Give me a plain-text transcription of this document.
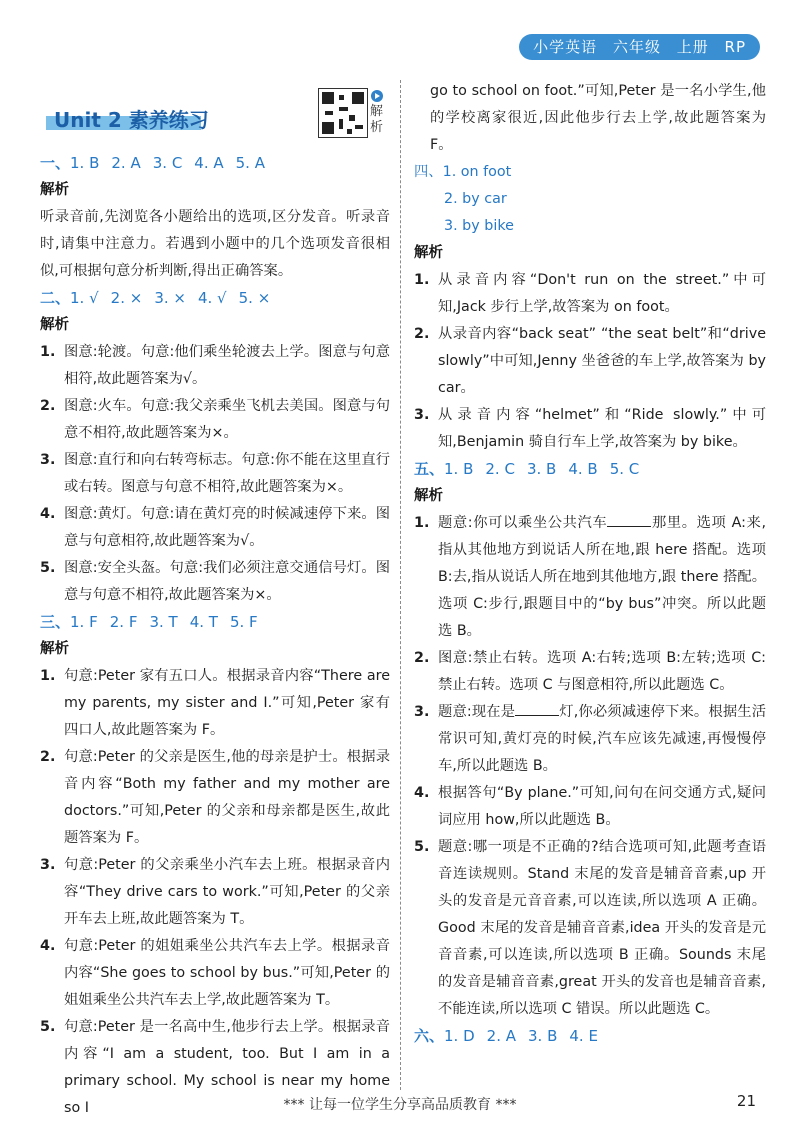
小学英语 六年级 上册 RP
Unit 2 素养练习	解析
一、1. B 2. A 3. C 4. A 5. A
解析
听录音前,先浏览各小题给出的选项,区分发音。听录音时,请集中注意力。若遇到小题中的几个选项发音很相似,可根据句意分析判断,得出正确答案。
二、1. √ 2. × 3. × 4. √ 5. ×
解析
1. 图意:轮渡。句意:他们乘坐轮渡去上学。图意与句意相符,故此题答案为√。
2. 图意:火车。句意:我父亲乘坐飞机去美国。图意与句意不相符,故此题答案为×。
3. 图意:直行和向右转弯标志。句意:你不能在这里直行或右转。图意与句意不相符,故此题答案为×。
4. 图意:黄灯。句意:请在黄灯亮的时候减速停下来。图意与句意相符,故此题答案为√。
5. 图意:安全头盔。句意:我们必须注意交通信号灯。图意与句意不相符,故此题答案为×。
三、1. F 2. F 3. T 4. T 5. F
解析
1. 句意:Peter 家有五口人。根据录音内容“There are my parents, my sister and I.”可知,Peter 家有四口人,故此题答案为 F。
2. 句意:Peter 的父亲是医生,他的母亲是护士。根据录音内容“Both my father and my mother are doctors.”可知,Peter 的父亲和母亲都是医生,故此题答案为 F。
3. 句意:Peter 的父亲乘坐小汽车去上班。根据录音内容“They drive cars to work.”可知,Peter 的父亲开车去上班,故此题答案为 T。
4. 句意:Peter 的姐姐乘坐公共汽车去上学。根据录音内容“She goes to school by bus.”可知,Peter 的姐姐乘坐公共汽车去上学,故此题答案为 T。
5. 句意:Peter 是一名高中生,他步行去上学。根据录音内容“I am a student, too. But I am in a primary school. My school is near my home so I
go to school on foot.”可知,Peter 是一名小学生,他的学校离家很近,因此他步行去上学,故此题答案为 F。
四、1. on foot
2. by car
3. by bike
解析
1. 从录音内容“Don't run on the street.”中可知,Jack 步行上学,故答案为 on foot。
2. 从录音内容“back seat” “the seat belt”和“drive slowly”中可知,Jenny 坐爸爸的车上学,故答案为 by car。
3. 从录音内容“helmet”和“Ride slowly.”中可知,Benjamin 骑自行车上学,故答案为 by bike。
五、1. B 2. C 3. B 4. B 5. C
解析
1. 题意:你可以乘坐公共汽车	那里。选项 A:来,指从其他地方到说话人所在地,跟 here 搭配。选项 B:去,指从说话人所在地到其他地方,跟 there 搭配。选项 C:步行,跟题目中的“by bus”冲突。所以此题选 B。
2. 图意:禁止右转。选项 A:右转;选项 B:左转;选项 C:禁止右转。选项 C 与图意相符,所以此题选 C。
3. 题意:现在是	灯,你必须减速停下来。根据生活常识可知,黄灯亮的时候,汽车应该先减速,再慢慢停车,所以此题选 B。
4. 根据答句“By plane.”可知,问句在问交通方式,疑问词应用 how,所以此题选 B。
5. 题意:哪一项是不正确的?结合选项可知,此题考查语音连读规则。Stand 末尾的发音是辅音音素,up 开头的发音是元音音素,可以连读,所以选项 A 正确。Good 末尾的发音是辅音音素,idea 开头的发音是元音音素,可以连读,所以选项 B 正确。Sounds 末尾的发音是辅音音素,great 开头的发音也是辅音音素,不能连读,所以选项 C 错误。所以此题选 C。
六、1. D 2. A 3. B 4. E
*** 让每一位学生分享高品质教育 ***	21
